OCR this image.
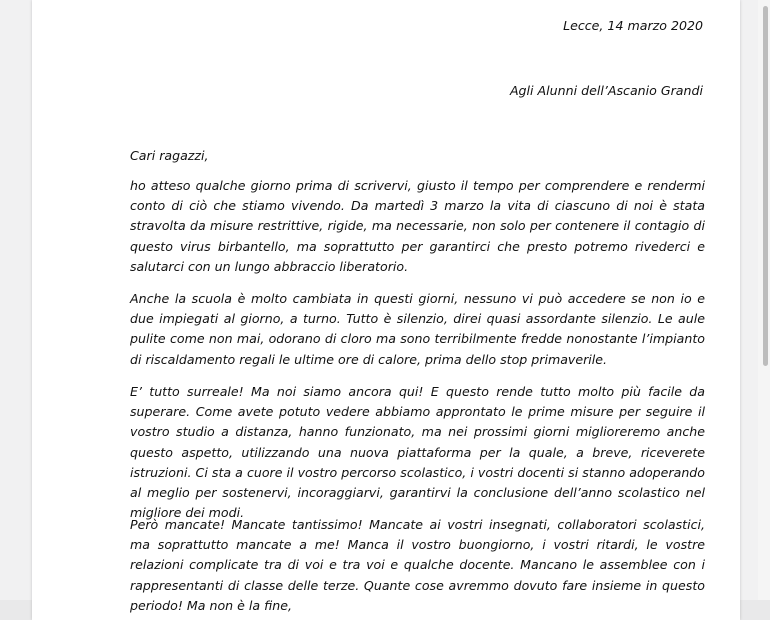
Lecce, 14 marzo 2020
Agli Alunni dell’Ascanio Grandi
Cari ragazzi,

ho atteso qualche giorno prima di scrivervi, giusto il tempo per comprendere e rendermi conto di ciò che stiamo vivendo. Da martedì 3 marzo la vita di ciascuno di noi è stata stravolta da misure restrittive, rigide, ma necessarie, non solo per contenere il contagio di questo virus birbantello, ma soprattutto per garantirci che presto potremo rivederci e salutarci con un lungo abbraccio liberatorio.

Anche la scuola è molto cambiata in questi giorni, nessuno vi può accedere se non io e due impiegati al giorno, a turno. Tutto è silenzio, direi quasi assordante silenzio. Le aule pulite come non mai, odorano di cloro ma sono terribilmente fredde nonostante l’impianto di riscaldamento regali le ultime ore di calore, prima dello stop primaverile.

E’ tutto surreale! Ma noi siamo ancora qui! E questo rende tutto molto più facile da superare. Come avete potuto vedere abbiamo approntato le prime misure per seguire il vostro studio a distanza, hanno funzionato, ma nei prossimi giorni miglioreremo anche questo aspetto, utilizzando una nuova piattaforma per la quale, a breve, riceverete istruzioni. Ci sta a cuore il vostro percorso scolastico, i vostri docenti si stanno adoperando al meglio per sostenervi, incoraggiarvi, garantirvi la conclusione dell’anno scolastico nel migliore dei modi.

Però mancate! Mancate tantissimo! Mancate ai vostri insegnati, collaboratori scolastici, ma soprattutto mancate a me! Manca il vostro buongiorno, i vostri ritardi, le vostre relazioni complicate tra di voi e tra voi e qualche docente. Mancano le assemblee con i rappresentanti di classe delle terze. Quante cose avremmo dovuto fare insieme in questo periodo! Ma non è la fine,
